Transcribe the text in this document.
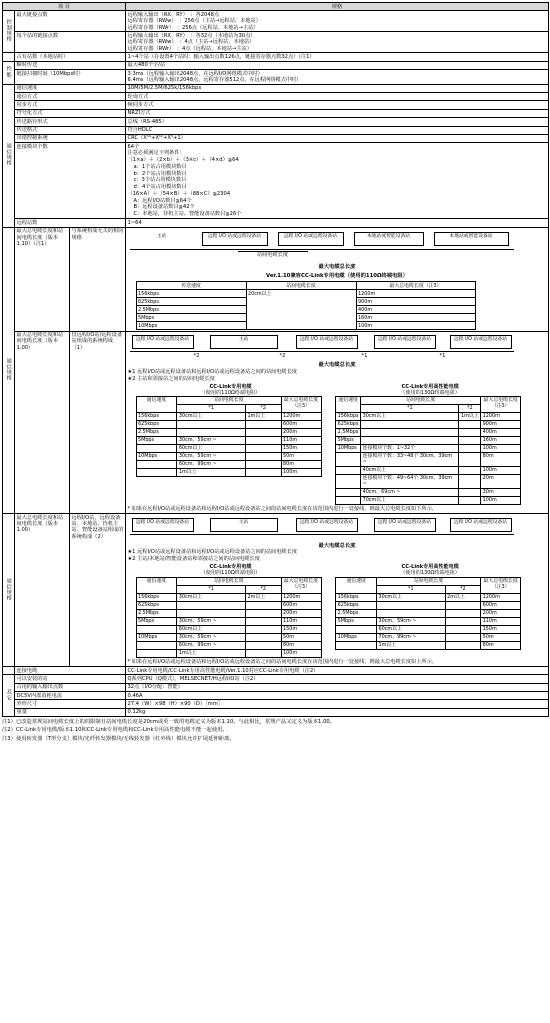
项 目	规格
控制规格	最大链接点数	远程输入输出（RX、RY）　：各2048点
远程寄存器（RWw）　：256点（主站→远程站、本地站）
远程寄存器（RWr）　：256点（远程站、本地站→主站）

每个站的链接点数	远程输入输出（RX、RY）　：各32点（本地站为30点）
远程寄存器（RWw）　：4点（主站→远程站、本地站）
远程寄存器（RWr）　：4点（远程站、本地站→主站）

	占有站数（本地站时）	1~4个站（在设置4个站时：输入输出点数126点，链接寄存器点数32点）（注1）
性能	瞬时传送	最大480个字/站
链接扫描时间（10Mbps时）	3.3ms（远程输入输出2048点，在远程I/O网络模式中时）
6.4ms（远程输入输出2048点，远程寄存器512点，在远程网络模式中时）

通信规格	通信速度	10M/5M/2.5M/625k/156kbps
通信方式	轮询方式
同步方式	帧同步方式
符号化方式	NRZI方式
传送路径形式	总线（RS-485）
传送格式	符合HDLC
出错控制系统	CRC（X¹⁶+X¹²+X⁵+1）
连接模块个数	64个
注意必须满足下列条件：
（1×a）＋（2×b）＋（3×c）＋（4×d）≦64
a：1个站占用模块数目
b：2个站占用模块数目
c：3个站占用模块数目
d：4个站占用模块数目
（16×A）＋（54×B）＋（88×C）≦2304
A：远程I/O站数目≦64个
B：远程设备站数目≦42个
C：本地站，待机主站、智能设备站数目≦26个

远程站数	1~64
通信规格	最大总电缆长度和站间电缆长度（版本1.10）（注1）	与系统构成无关的相同规格	主站	远程 I/O 站或远程设备站	远程 I/O 站或远程设备站	本地站或智能设备站	本地站或智能设备站
站间电缆长度
最大电缆总长度
Ver.1.10兼容CC-Link专用电缆（使用的110Ω终端电阻）
传送速度	站间电缆长度	最大总电缆长度（注3）
156kbps	20cm以上	1200m
625kbps	900m
2.5Mbps	400m
5Mbps	160m
10Mbps	100m

最大总电缆长度和站间电缆长度（版本1.00）	仅远程I/O站/远程设备站组成的系统构成（1）	
远程 I/O 站或远程设备站	主站	远程 I/O 站或远程设备站	远程 I/O 站或远程设备站	远程 I/O 站或远程设备站
*2	*2	*1	*1
最大电缆总长度
★1 远程I/O站或远程设备站和远程I/O站或远程设备站之间的站间电缆长度
★2 主站和邻接站之间的站间电缆长度
CC-Link专用电缆
（使用的110Ω终端电阻）
通信速度	站间电缆长度	最大总电缆长度（注3）
*1	*2
156kbps	30cm以上	1m以上	1200m
625kbps			600m
2.5Mbps			200m
5Mbps	30cm、59cm ~		110m
	60cm以上		150m
10Mbps	30cm、59cm ~		50m
	60cm、99cm ~		80m
	1m以上		100m

CC-Link专用高性能电缆
（使用的130Ω终端电阻）
通信速度	站间电缆长度	最大总电缆长度（注3）
*1	*2
156kbps	30cm以上	1m以上	1200m
625kbps			900m
2.5Mbps			400m
5Mbps			160m
10Mbps	连接模块个数：1~32个		100m
	连接模块个数：33~48个 30cm、39cm ~		80m
	40cm以上		100m
	连接模块个数：49~64个 30cm、39cm ~		20m
	40cm、69cm ~		30m
	70cm以上		100m
* 如果在远程I/O站或远程设备站和远程I/O站或远程设备站之间的站间电缆长度在该范围内进行一处接线，则最大总电缆长度如下所示。

通信规格	最大总电缆长度和站间电缆长度（版本1.00）	远程I/O站、远程设备站、本地站、待机主站、智能设备站组成的系统构成（2）	
远程 I/O 站或远程设备站	主站	远程 I/O 站或远程设备站	远程 I/O 站或远程设备站	远程 I/O 站或远程设备站
最大电缆总长度
★1 远程I/O站或远程设备站和远程I/O站或远程设备站之间的站间电缆长度
★2 主站/本地站/智能设备站和邻接站之间的站间电缆长度
CC-Link专用电缆
（使用的110Ω终端电阻）
通信速度	站间电缆长度	最大总电缆长度（注3）
*1	*2
156kbps	30cm以上	2m以上	1200m
625kbps			600m
2.5Mbps			200m
5Mbps	30cm、59cm ~		110m
	60cm以上		150m
10Mbps	30cm、59cm ~		50m
	60cm、99cm ~		80m
	1m以上		100m

CC-Link专用高性能电缆
（使用的130Ω终端电阻）
通信速度	站间电缆长度	最大总电缆长度（注3）
*1	*2
156kbps	30cm以上	2m以上	1200m
625kbps			600m
2.5Mbps			200m
5Mbps	30cm、59cm ~		110m
	60cm以上		150m
10Mbps	70cm、99cm ~		50m
	1m以上		80m
* 如果在远程I/O站或远程设备站和远程I/O站或远程设备站之间的站间电缆长度在该范围内进行一处接线，则最大总电缆长度如上所示。

	连接电缆	CC-Link专用电缆/CC-Link专用高性能电缆/Ver.1.10对应CC-Link专用电缆（注2）
其它	可以安装的站	Q系列CPU（Q模式），MELSECNET/H远程I/O站（注2）
占用的输入输出点数	32点（I/O分配：智能）
DC5V内部消耗电流	0.46A
外形尺寸	27.4（W）×98（H）×90（D）［mm］
重量	0.12kg
注1）已改造常规站间电缆长度上的的限制且站间电缆长度是20cm或更一致的电缆定义为版本1.10。与此相比，常规产品又定义为版本1.00。
注2）CC-Link专用电缆/版本1.10和CC-Link专用电缆和CC-Link专用高性能电缆不能一起使用。
注3）使用转发器（T形分支）模块/光纤转发器模块/无线转发器（红外线）模块允许扩展延伸距离。
